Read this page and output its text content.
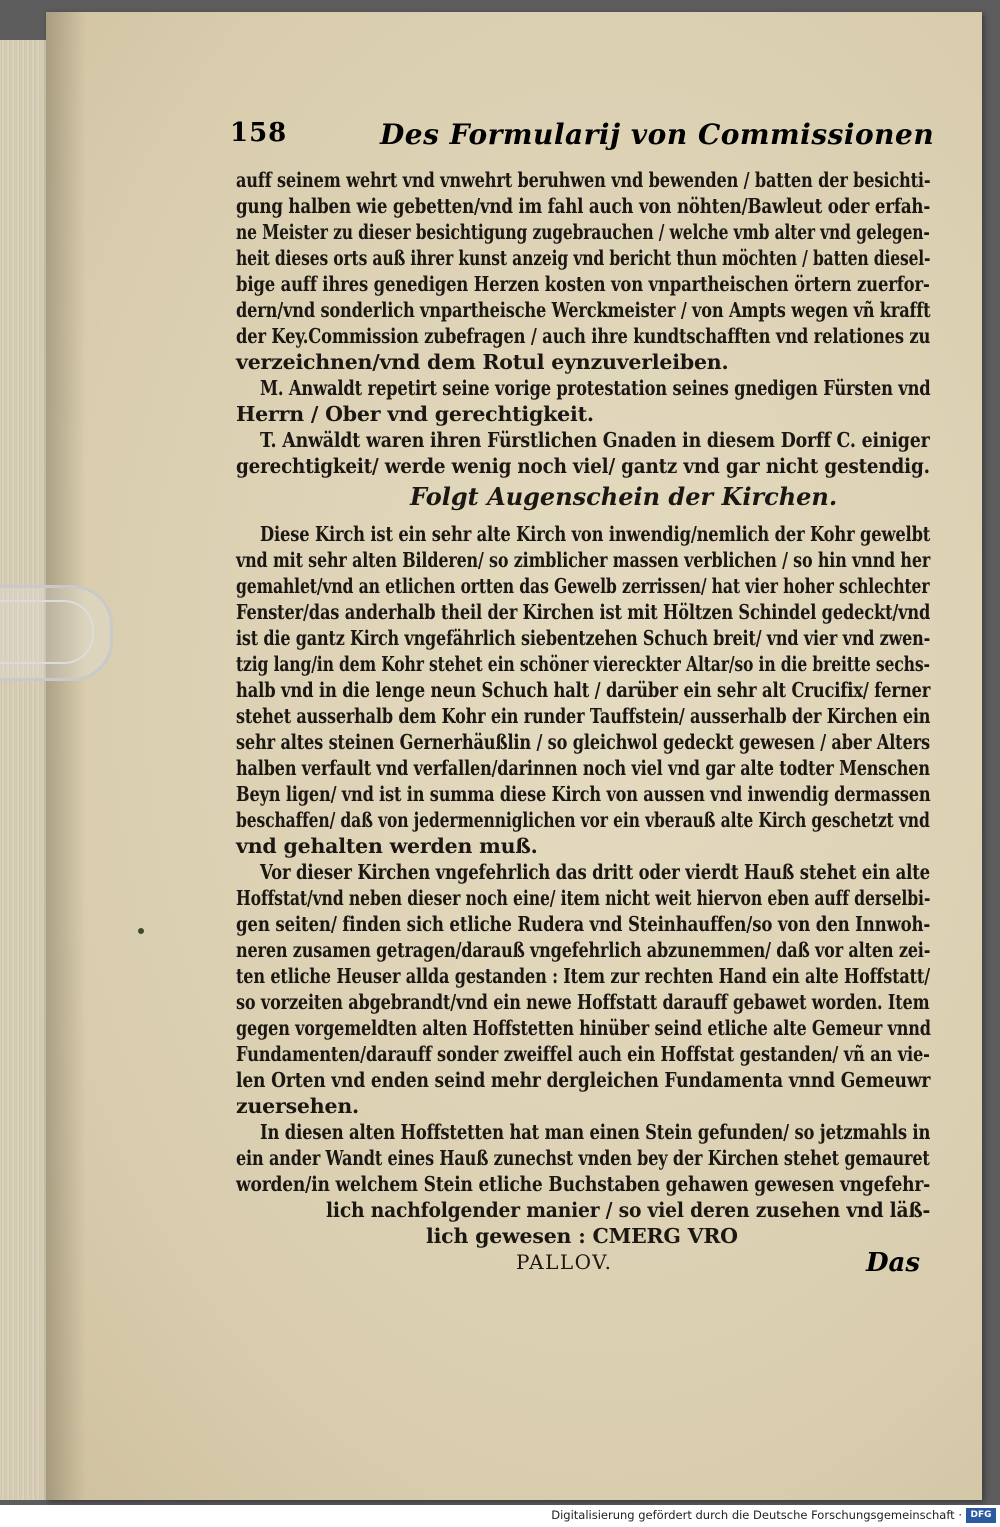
158	Des Formularij von Commissionen
auff seinem wehrt vnd vnwehrt beruhwen vnd bewenden / batten der besichti-
gung halben wie gebetten/vnd im fahl auch von nöhten/Bawleut oder erfah-
ne Meister zu dieser besichtigung zugebrauchen / welche vmb alter vnd gelegen-
heit dieses orts auß ihrer kunst anzeig vnd bericht thun möchten / batten diesel-
bige auff ihres genedigen Herzen kosten von vnpartheischen örtern zuerfor-
dern/vnd sonderlich vnpartheische Werckmeister / von Ampts wegen vñ krafft
der Key.Commission zubefragen / auch ihre kundtschafften vnd relationes zu
verzeichnen/vnd dem Rotul eynzuverleiben.
M. Anwaldt repetirt seine vorige protestation seines gnedigen Fürsten vnd
Herrn / Ober vnd gerechtigkeit.
T. Anwäldt waren ihren Fürstlichen Gnaden in diesem Dorff C. einiger
gerechtigkeit/ werde wenig noch viel/ gantz vnd gar nicht gestendig.
Folgt Augenschein der Kirchen.
Diese Kirch ist ein sehr alte Kirch von inwendig/nemlich der Kohr gewelbt
vnd mit sehr alten Bilderen/ so zimblicher massen verblichen / so hin vnnd her
gemahlet/vnd an etlichen ortten das Gewelb zerrissen/ hat vier hoher schlechter
Fenster/das anderhalb theil der Kirchen ist mit Höltzen Schindel gedeckt/vnd
ist die gantz Kirch vngefährlich siebentzehen Schuch breit/ vnd vier vnd zwen-
tzig lang/in dem Kohr stehet ein schöner viereckter Altar/so in die breitte sechs-
halb vnd in die lenge neun Schuch halt / darüber ein sehr alt Crucifix/ ferner
stehet ausserhalb dem Kohr ein runder Tauffstein/ ausserhalb der Kirchen ein
sehr altes steinen Gernerhäußlin / so gleichwol gedeckt gewesen / aber Alters
halben verfault vnd verfallen/darinnen noch viel vnd gar alte todter Menschen
Beyn ligen/ vnd ist in summa diese Kirch von aussen vnd inwendig dermassen
beschaffen/ daß von jedermenniglichen vor ein vberauß alte Kirch geschetzt vnd
vnd gehalten werden muß.
Vor dieser Kirchen vngefehrlich das dritt oder vierdt Hauß stehet ein alte
Hoffstat/vnd neben dieser noch eine/ item nicht weit hiervon eben auff derselbi-
gen seiten/ finden sich etliche Rudera vnd Steinhauffen/so von den Innwoh-
neren zusamen getragen/darauß vngefehrlich abzunemmen/ daß vor alten zei-
ten etliche Heuser allda gestanden : Item zur rechten Hand ein alte Hoffstatt/
so vorzeiten abgebrandt/vnd ein newe Hoffstatt darauff gebawet worden. Item
gegen vorgemeldten alten Hoffstetten hinüber seind etliche alte Gemeur vnnd
Fundamenten/darauff sonder zweiffel auch ein Hoffstat gestanden/ vñ an vie-
len Orten vnd enden seind mehr dergleichen Fundamenta vnnd Gemeuwr
zuersehen.
In diesen alten Hoffstetten hat man einen Stein gefunden/ so jetzmahls in
ein ander Wandt eines Hauß zunechst vnden bey der Kirchen stehet gemauret
worden/in welchem Stein etliche Buchstaben gehawen gewesen vngefehr-
lich nachfolgender manier / so viel deren zusehen vnd läß-
lich gewesen : CMERG VRO
PALLOV.	Das
Digitalisierung gefördert durch die Deutsche Forschungsgemeinschaft · DFG
